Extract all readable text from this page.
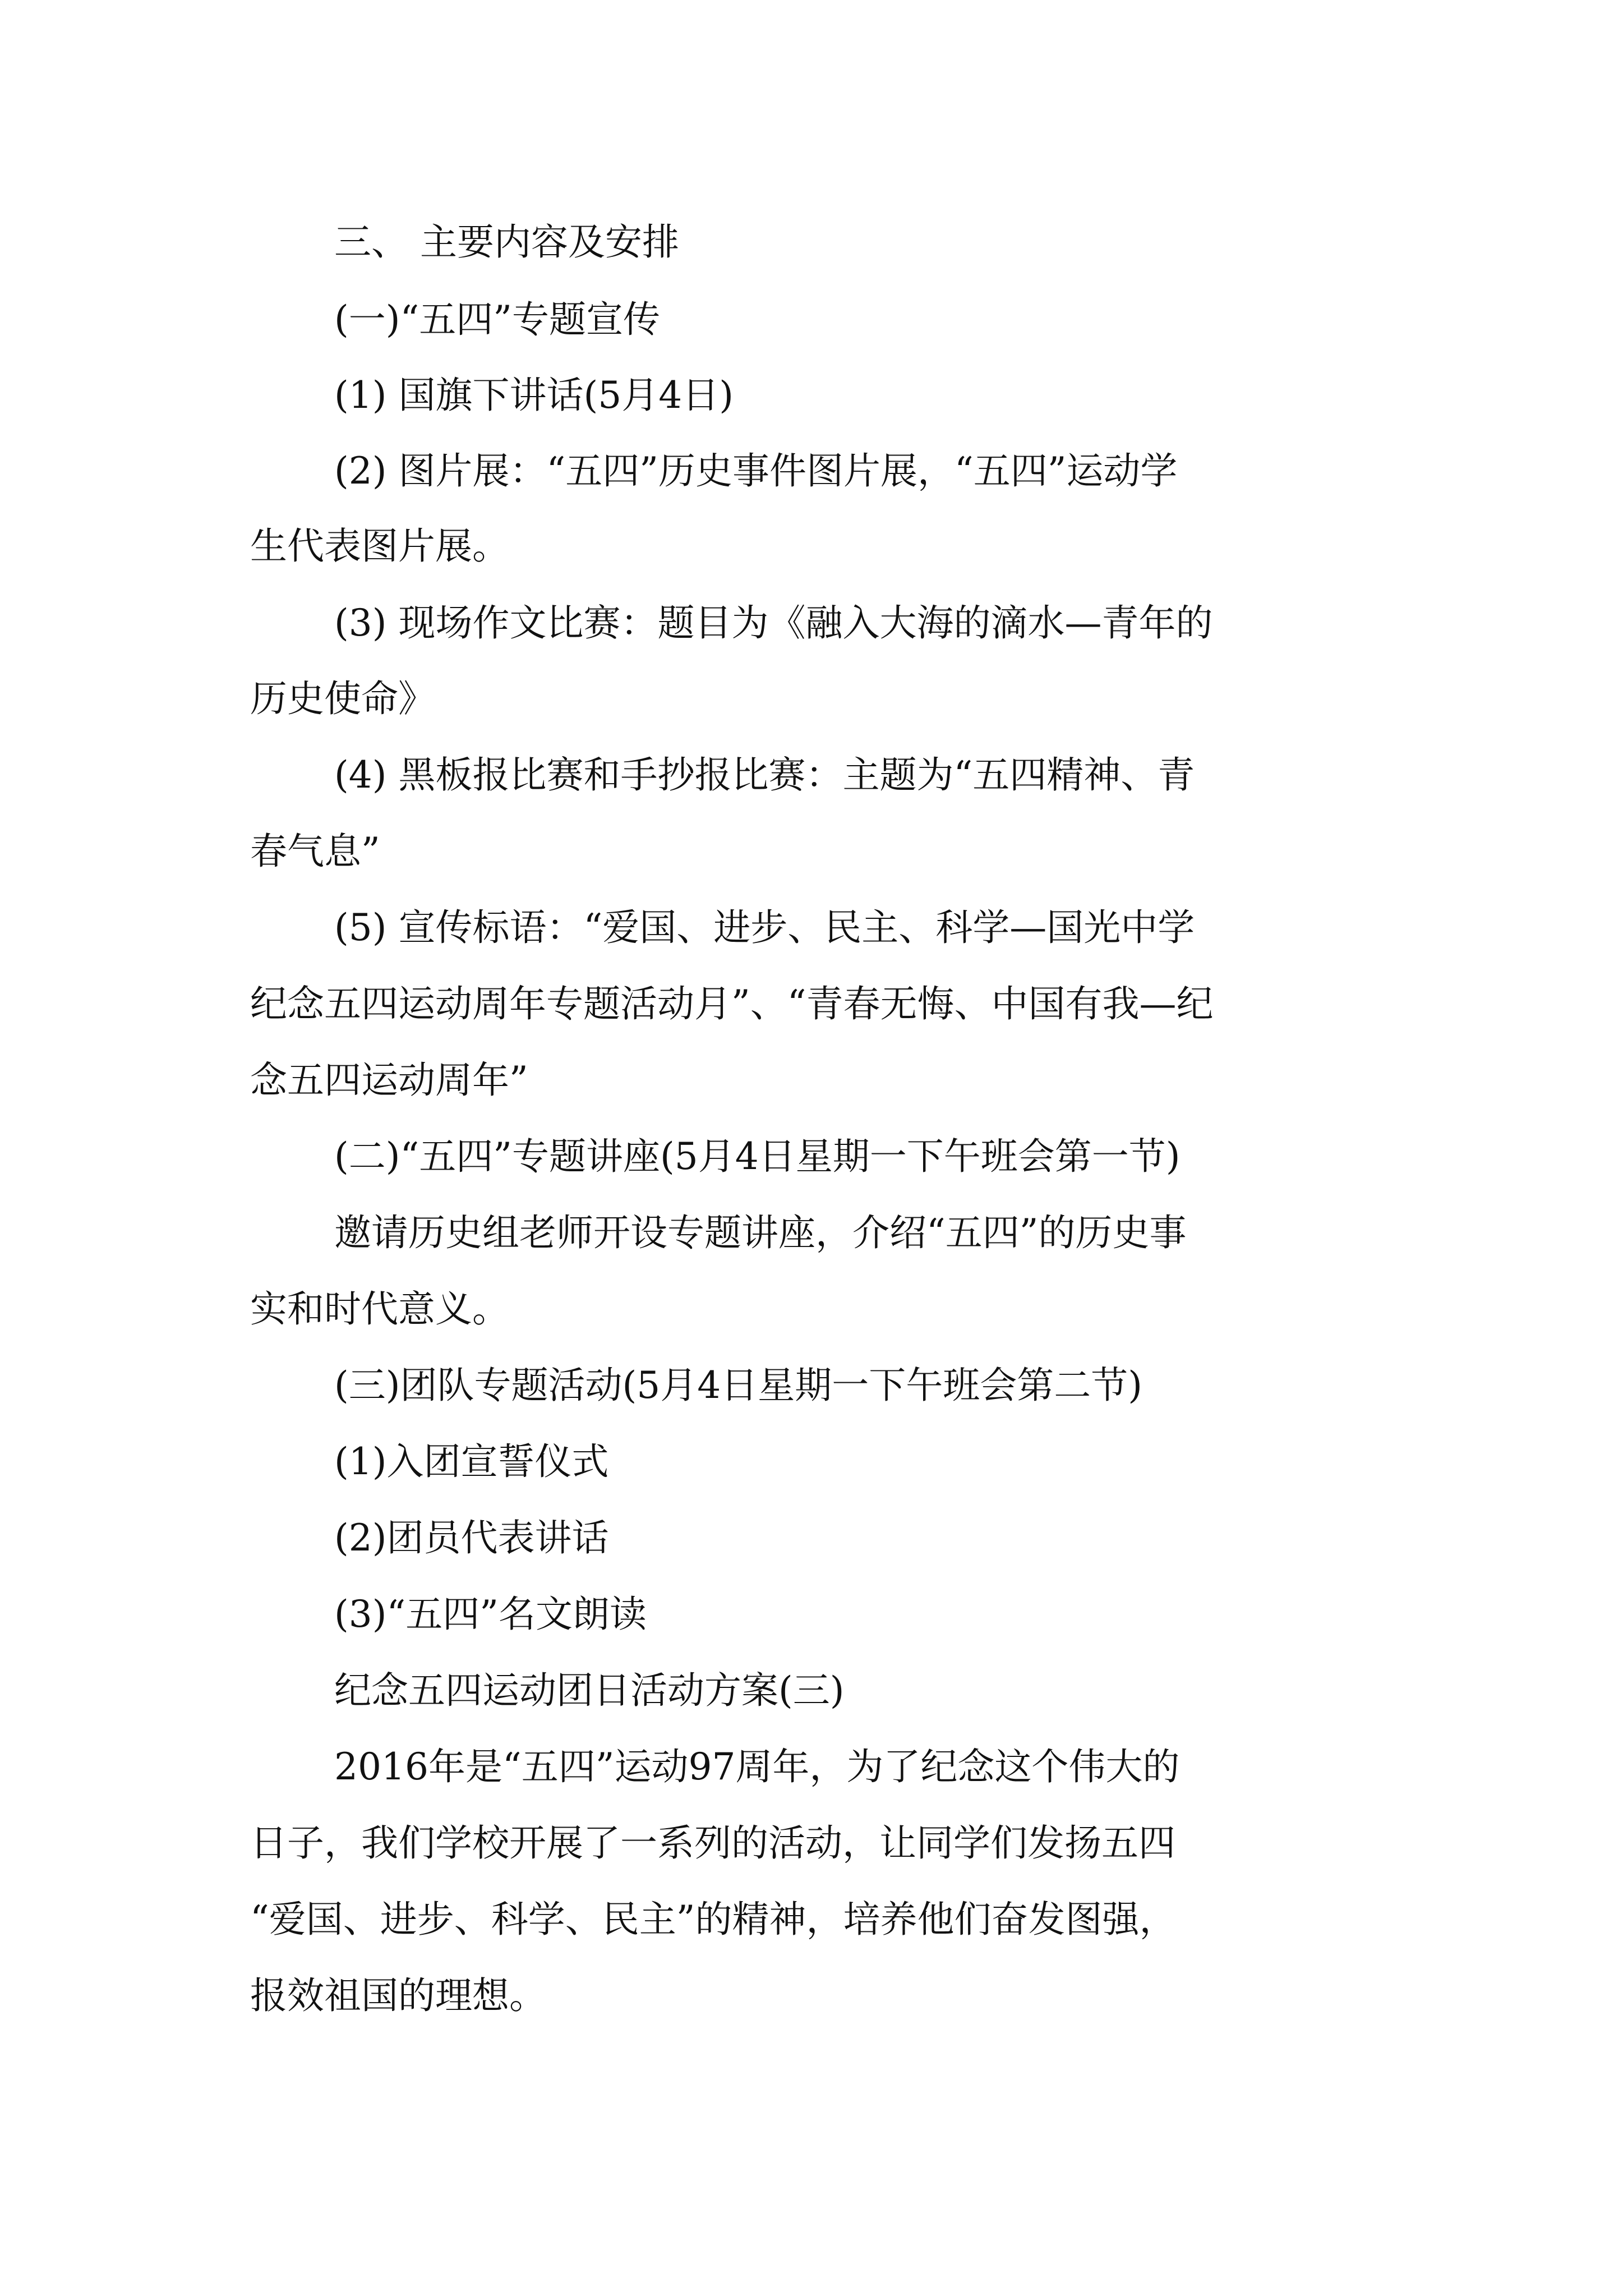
三、 主要内容及安排
(一)“五四”专题宣传
(1) 国旗下讲话(5月4日)
(2) 图片展：“五四”历史事件图片展，“五四”运动学
生代表图片展。
(3) 现场作文比赛：题目为《融入大海的滴水—青年的
历史使命》
(4) 黑板报比赛和手抄报比赛：主题为“五四精神、青
春气息”
(5) 宣传标语：“爱国、进步、民主、科学—国光中学
纪念五四运动周年专题活动月”、“青春无悔、中国有我—纪
念五四运动周年”
(二)“五四”专题讲座(5月4日星期一下午班会第一节)
邀请历史组老师开设专题讲座，介绍“五四”的历史事
实和时代意义。
(三)团队专题活动(5月4日星期一下午班会第二节)
(1)入团宣誓仪式
(2)团员代表讲话
(3)“五四”名文朗读
纪念五四运动团日活动方案(三)
2016年是“五四”运动97周年，为了纪念这个伟大的
日子，我们学校开展了一系列的活动，让同学们发扬五四
“爱国、进步、科学、民主”的精神，培养他们奋发图强，
报效祖国的理想。
